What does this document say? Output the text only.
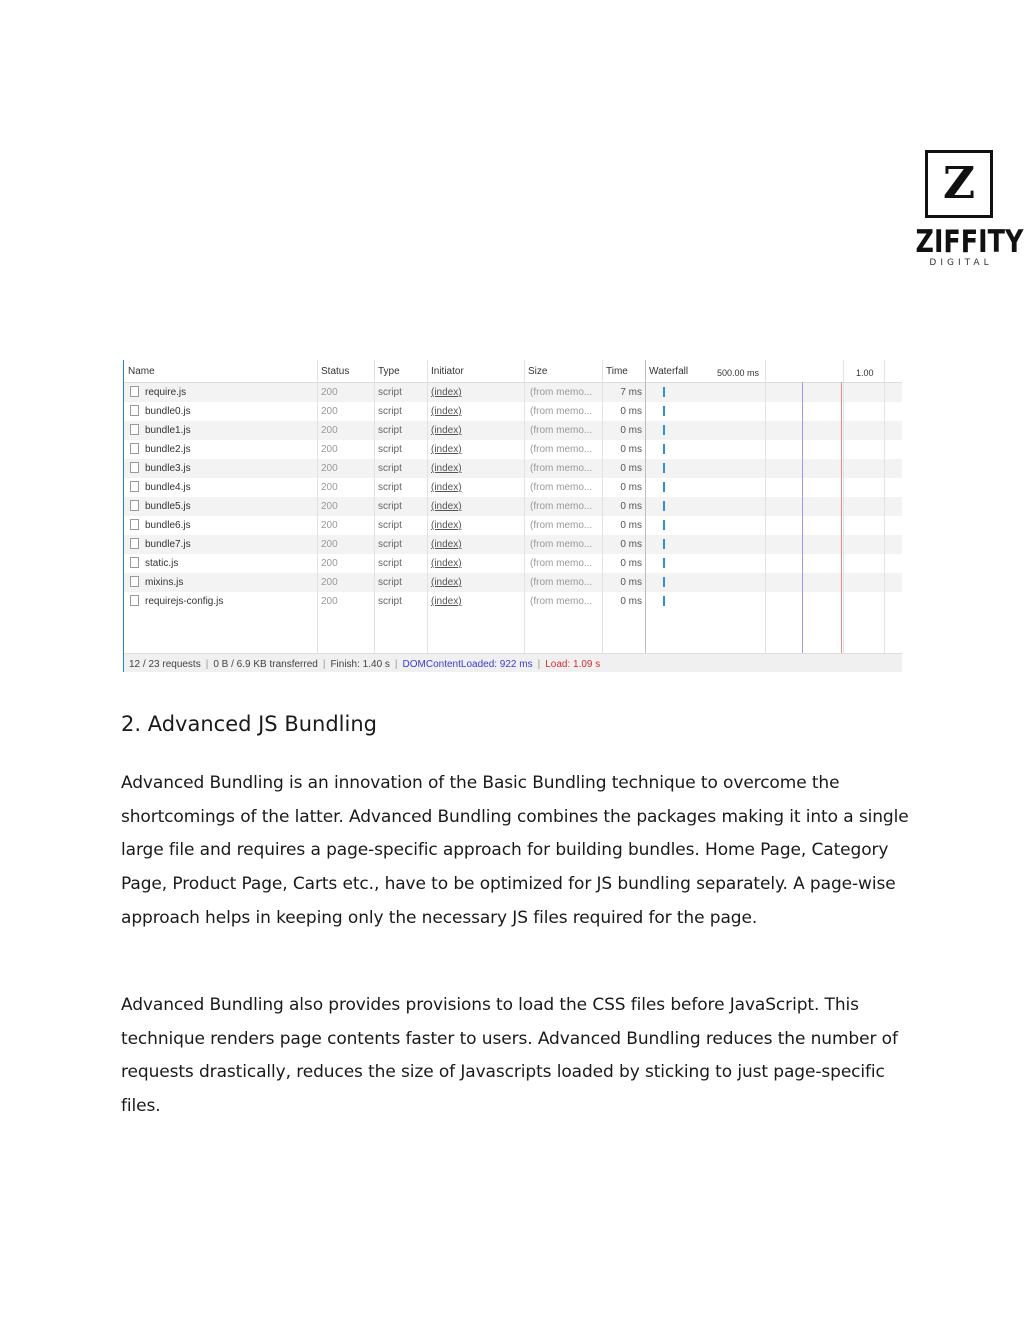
Z
ZIFFITY
DIGITAL
Name	Status	Type	Initiator	Size	Time Waterfall	500.00 ms	1.00
require.js	200	script	(index)	(from memo...	7 ms
bundle0.js	200	script	(index)	(from memo...	0 ms
bundle1.js	200	script	(index)	(from memo...	0 ms
bundle2.js	200	script	(index)	(from memo...	0 ms
bundle3.js	200	script	(index)	(from memo...	0 ms
bundle4.js	200	script	(index)	(from memo...	0 ms
bundle5.js	200	script	(index)	(from memo...	0 ms
bundle6.js	200	script	(index)	(from memo...	0 ms
bundle7.js	200	script	(index)	(from memo...	0 ms
static.js	200	script	(index)	(from memo...	0 ms
mixins.js	200	script	(index)	(from memo...	0 ms
requirejs-config.js	200	script	(index)	(from memo...	0 ms
12 / 23 requests | 0 B / 6.9 KB transferred | Finish: 1.40 s | DOMContentLoaded: 922 ms | Load: 1.09 s
2. Advanced JS Bundling

Advanced Bundling is an innovation of the Basic Bundling technique to overcome the shortcomings of the latter. Advanced Bundling combines the packages making it into a single large file and requires a page-specific approach for building bundles. Home Page, Category Page, Product Page, Carts etc., have to be optimized for JS bundling separately. A page-wise approach helps in keeping only the necessary JS files required for the page.

Advanced Bundling also provides provisions to load the CSS files before JavaScript. This technique renders page contents faster to users. Advanced Bundling reduces the number of requests drastically, reduces the size of Javascripts loaded by sticking to just page-specific files.
